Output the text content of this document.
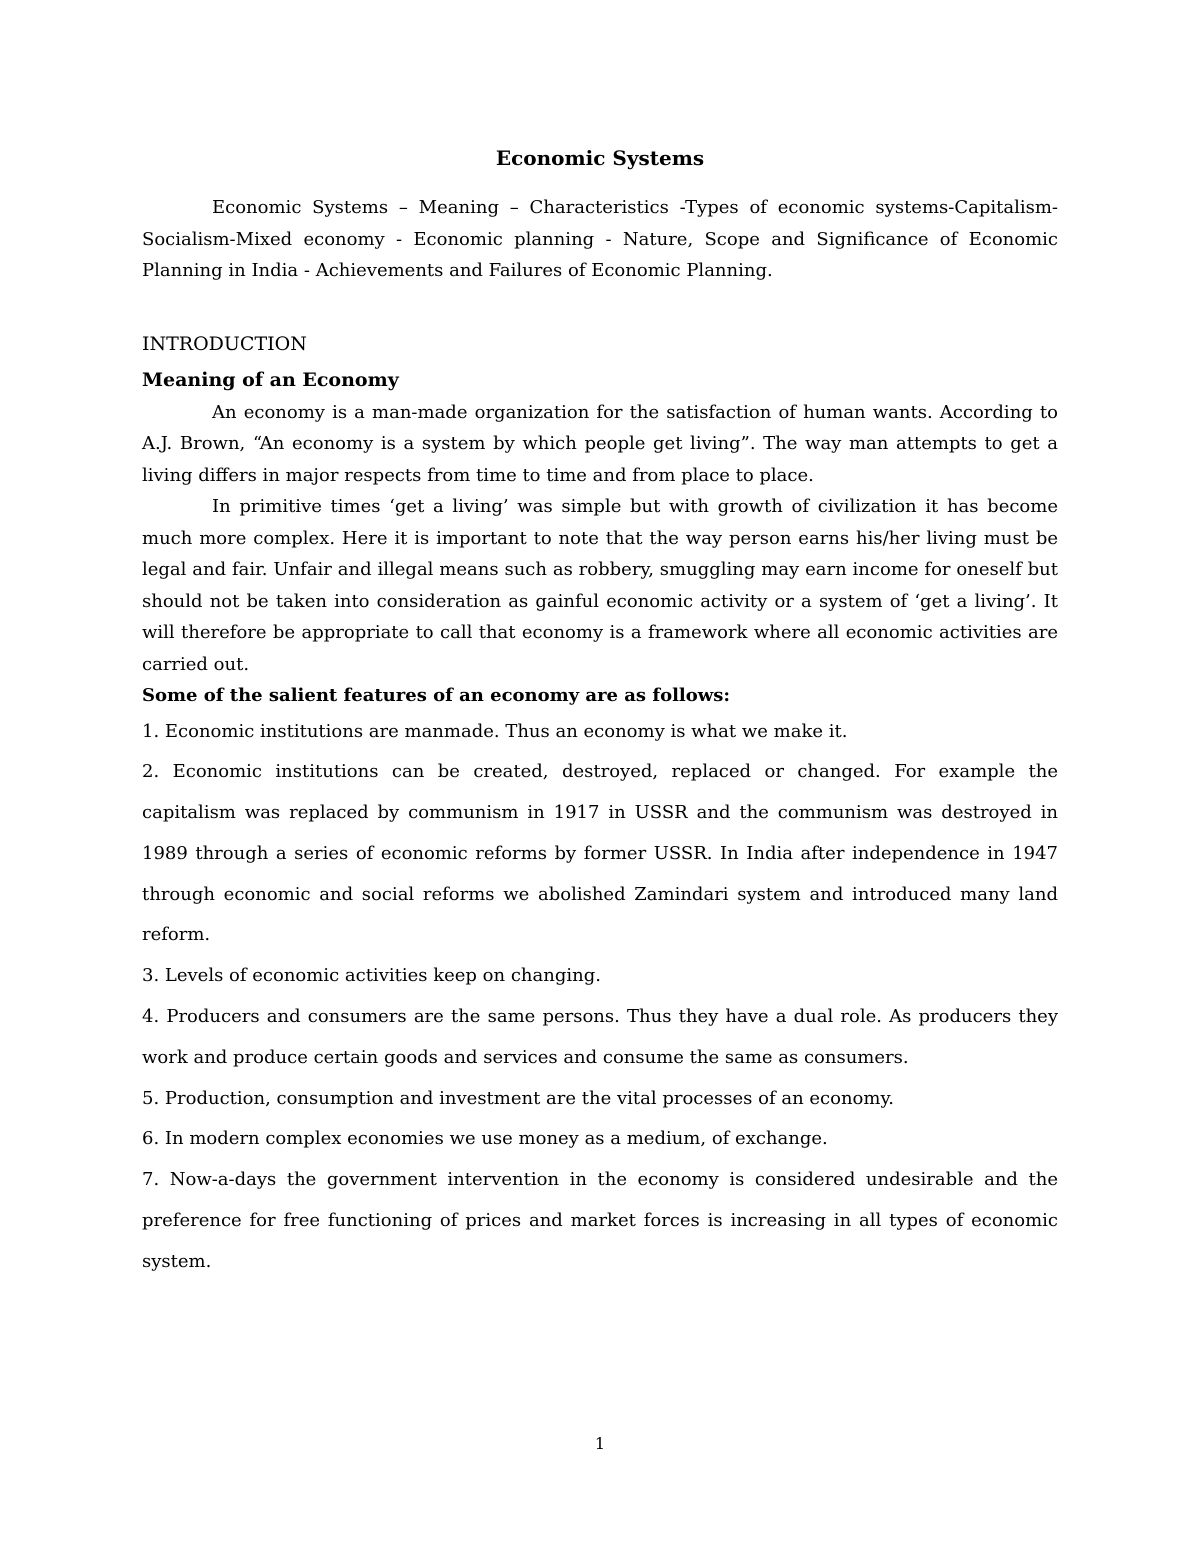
Economic Systems

Economic Systems – Meaning – Characteristics -Types of economic systems-Capitalism-Socialism-Mixed economy - Economic planning - Nature, Scope and Significance of Economic Planning in India - Achievements and Failures of Economic Planning.

INTRODUCTION
Meaning of an Economy

An economy is a man-made organization for the satisfaction of human wants. According to A.J. Brown, “An economy is a system by which people get living”. The way man attempts to get a living differs in major respects from time to time and from place to place.

In primitive times ‘get a living’ was simple but with growth of civilization it has become much more complex. Here it is important to note that the way person earns his/her living must be legal and fair. Unfair and illegal means such as robbery, smuggling may earn income for oneself but should not be taken into consideration as gainful economic activity or a system of ‘get a living’. It will therefore be appropriate to call that economy is a framework where all economic activities are carried out.

Some of the salient features of an economy are as follows:
1. Economic institutions are manmade. Thus an economy is what we make it.
2. Economic institutions can be created, destroyed, replaced or changed. For example the capitalism was replaced by communism in 1917 in USSR and the communism was destroyed in 1989 through a series of economic reforms by former USSR. In India after independence in 1947 through economic and social reforms we abolished Zamindari system and introduced many land reform.
3. Levels of economic activities keep on changing.
4. Producers and consumers are the same persons. Thus they have a dual role. As producers they work and produce certain goods and services and consume the same as consumers.
5. Production, consumption and investment are the vital processes of an economy.
6. In modern complex economies we use money as a medium, of exchange.
7. Now-a-days the government intervention in the economy is considered undesirable and the preference for free functioning of prices and market forces is increasing in all types of economic system.
1
